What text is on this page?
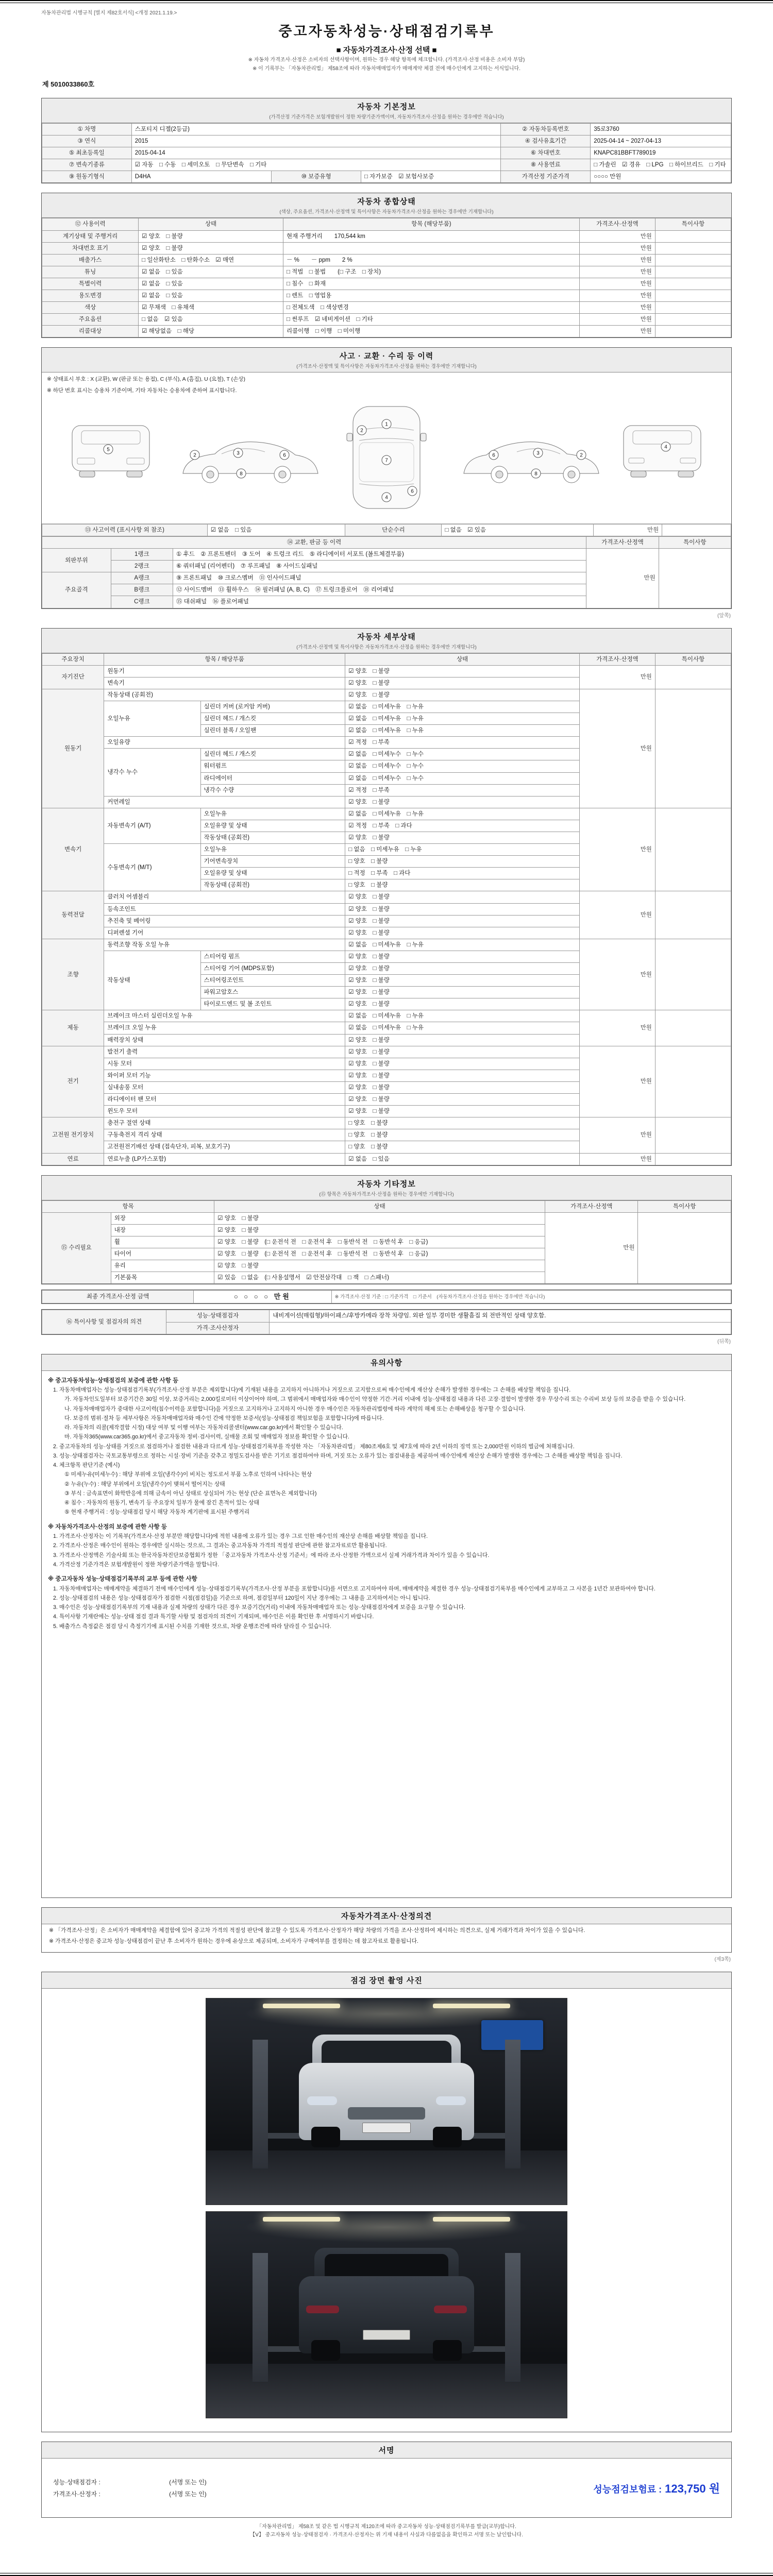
자동차관리법 시행규칙 [별지 제82호서식] <개정 2021.1.19.>
중고자동차성능·상태점검기록부
■ 자동차가격조사·산정 선택 ■
※ 자동차 가격조사·산정은 소비자의 선택사항이며, 원하는 경우 해당 항목에 체크합니다. (가격조사·산정 비용은 소비자 부담)
※ 이 기록부는 「자동차관리법」 제58조에 따라 자동차매매업자가 매매계약 체결 전에 매수인에게 고지하는 서식입니다.
제 5010033860호
자동차 기본정보
(가격산정 기준가격은 보험개발원이 정한 차량기준가액이며, 자동차가격조사·산정을 원하는 경우에만 적습니다)
① 차명	스포티지 디젤(2등급)			② 자동차등록번호	35로3760
③ 연식	2015			④ 검사유효기간	2025-04-14 ~ 2027-04-13
⑤ 최초등록일	2015-04-14			⑥ 차대번호	KNAPC81BBFT789019
⑦ 변속기종류	☑ 자동　□ 수동　□ 세미오토　□ 무단변속　□ 기타			⑧ 사용연료	□ 가솔린　☑ 경유　□ LPG　□ 하이브리드　□ 기타
⑨ 원동기형식	D4HA	⑩ 보증유형	□ 자가보증　☑ 보험사보증	가격산정 기준가격	○○○○ 만원
자동차 종합상태
(색상, 주요옵션, 가격조사·산정액 및 특이사항은 자동차가격조사·산정을 원하는 경우에만 기재합니다)
⑫ 사용이력	상태	항목 (해당부품)	가격조사·산정액	특이사항
계기상태 및 주행거리	☑ 양호　□ 불량	현재 주행거리　　170,544 km	만원	
차대번호 표기	☑ 양호　□ 불량		만원	
배출가스	□ 일산화탄소　□ 탄화수소　☑ 매연	－ %　　－ ppm　　2 %	만원	
튜닝	☑ 없음　□ 있음	□ 적법　□ 불법　　(□ 구조　□ 장치)	만원	
특별이력	☑ 없음　□ 있음	□ 침수　□ 화재	만원	
용도변경	☑ 없음　□ 있음	□ 렌트　□ 영업용	만원	
색상	☑ 무채색　□ 유채색	□ 전체도색　□ 색상변경	만원	
주요옵션	□ 없음　☑ 있음	□ 썬루프　☑ 네비게이션　□ 기타	만원	
리콜대상	☑ 해당없음　□ 해당	리콜이행　□ 이행　□ 미이행	만원	
사고 · 교환 · 수리 등 이력
(가격조사·산정액 및 특이사항은 자동차가격조사·산정을 원하는 경우에만 기재합니다)
※ 상태표시 부호 : X (교환), W (판금 또는 용접), C (부식), A (흠집), U (요철), T (손상)
※ 하단 번호 표시는 승용차 기준이며, 기타 자동차는 승용차에 준하여 표시합니다.
5
2	3	6
8
1
2
7
4
6
6	3	2
8
4
⑬ 사고이력 (표시사항 외 참조)	☑ 없음　□ 있음	단순수리	□ 없음　☑ 있음	만원	
⑭ 교환, 판금 등 이력			가격조사·산정액	특이사항
외판부위	1랭크	① 후드　② 프론트펜더　③ 도어　④ 트렁크 리드　⑤ 라디에이터 서포트 (볼트체결부품)	만원	
	2랭크	⑥ 쿼터패널 (리어펜더)　⑦ 루프패널　⑧ 사이드실패널		
주요골격	A랭크	⑨ 프론트패널　⑩ 크로스멤버　⑪ 인사이드패널		
	B랭크	⑫ 사이드멤버　⑬ 휠하우스　⑭ 필러패널 (A, B, C)　⑰ 트렁크플로어　⑱ 리어패널		
	C랭크	⑮ 대쉬패널　⑯ 플로어패널		
(앞쪽)
자동차 세부상태
(가격조사·산정액 및 특이사항은 자동차가격조사·산정을 원하는 경우에만 기재합니다)
주요장치	항목 / 해당부품		상태	가격조사·산정액	특이사항
자기진단	원동기		☑ 양호　□ 불량	만원	
	변속기		☑ 양호　□ 불량		
원동기	작동상태 (공회전)		☑ 양호　□ 불량	만원	
	오일누유	실린더 커버 (로커암 커버)	☑ 없음　□ 미세누유　□ 누유		
		실린더 헤드 / 개스킷	☑ 없음　□ 미세누유　□ 누유		
		실린더 블록 / 오일팬	☑ 없음　□ 미세누유　□ 누유		
	오일유량		☑ 적정　□ 부족		
	냉각수 누수	실린더 헤드 / 개스킷	☑ 없음　□ 미세누수　□ 누수		
		워터펌프	☑ 없음　□ 미세누수　□ 누수		
		라디에이터	☑ 없음　□ 미세누수　□ 누수		
		냉각수 수량	☑ 적정　□ 부족		
	커먼레일		☑ 양호　□ 불량		
변속기	자동변속기 (A/T)	오일누유	☑ 없음　□ 미세누유　□ 누유	만원	
		오일유량 및 상태	☑ 적정　□ 부족　□ 과다		
		작동상태 (공회전)	☑ 양호　□ 불량		
	수동변속기 (M/T)	오일누유	□ 없음　□ 미세누유　□ 누유		
		기어변속장치	□ 양호　□ 불량		
		오일유량 및 상태	□ 적정　□ 부족　□ 과다		
		작동상태 (공회전)	□ 양호　□ 불량		
동력전달	클러치 어셈블리		☑ 양호　□ 불량	만원	
	등속조인트		☑ 양호　□ 불량		
	추진축 및 베어링		☑ 양호　□ 불량		
	디퍼렌셜 기어		☑ 양호　□ 불량		
조향	동력조향 작동 오일 누유		☑ 없음　□ 미세누유　□ 누유	만원	
	작동상태	스티어링 펌프	☑ 양호　□ 불량		
		스티어링 기어 (MDPS포함)	☑ 양호　□ 불량		
		스티어링조인트	☑ 양호　□ 불량		
		파워고압호스	☑ 양호　□ 불량		
		타이로드엔드 및 볼 조인트	☑ 양호　□ 불량		
제동	브레이크 마스터 실린더오일 누유		☑ 없음　□ 미세누유　□ 누유	만원	
	브레이크 오일 누유		☑ 없음　□ 미세누유　□ 누유		
	배력장치 상태		☑ 양호　□ 불량		
전기	발전기 출력		☑ 양호　□ 불량	만원	
	시동 모터		☑ 양호　□ 불량		
	와이퍼 모터 기능		☑ 양호　□ 불량		
	실내송풍 모터		☑ 양호　□ 불량		
	라디에이터 팬 모터		☑ 양호　□ 불량		
	윈도우 모터		☑ 양호　□ 불량		
고전원 전기장치	충전구 절연 상태		□ 양호　□ 불량	만원	
	구동축전지 격리 상태		□ 양호　□ 불량		
	고전원전기배선 상태 (접속단자, 피복, 보호기구)		□ 양호　□ 불량		
연료	연료누출 (LP가스포함)		☑ 없음　□ 있음	만원	
자동차 기타정보
(⑮ 항목은 자동차가격조사·산정을 원하는 경우에만 기재합니다)
항목		상태	가격조사·산정액	특이사항
⑮ 수리필요	외장	☑ 양호　□ 불량	만원	
	내장	☑ 양호　□ 불량		
	휠	☑ 양호　□ 불량　(□ 운전석 전　□ 운전석 후　□ 동반석 전　□ 동반석 후　□ 응급)		
	타이어	☑ 양호　□ 불량　(□ 운전석 전　□ 운전석 후　□ 동반석 전　□ 동반석 후　□ 응급)		
	유리	☑ 양호　□ 불량		
	기본품목	☑ 있음　□ 없음　(□ 사용설명서　☑ 안전삼각대　□ 잭　□ 스패너)		
최종 가격조사·산정 금액	○ ○ ○ ○ 만원	※ 가격조사·산정 기준 : □ 기준가격　□ 기준서　(자동차가격조사·산정을 원하는 경우에만 적습니다)
⑯ 특이사항 및 점검자의 의견	성능·상태점검자	내비게이션(매립형)/하이패스/후방카메라 장착 차량임. 외판 일부 경미한 생활흠집 외 전반적인 상태 양호함.
	가격·조사산정자	
(뒤쪽)
유의사항
※ 중고자동차성능·상태점검의 보증에 관한 사항 등
1. 자동차매매업자는 성능·상태점검기록부(가격조사·산정 부분은 제외합니다)에 기재된 내용을 고지하지 아니하거나 거짓으로 고지함으로써 매수인에게 재산상 손해가 발생한 경우에는 그 손해를 배상할 책임을 집니다.
가. 자동차인도일부터 보증기간은 30일 이상, 보증거리는 2,000킬로미터 이상이어야 하며, 그 범위에서 매매업자와 매수인이 약정한 기간·거리 이내에 성능·상태점검 내용과 다른 고장·결함이 발생한 경우 무상수리 또는 수리비 보상 등의 보증을 받을 수 있습니다.
나. 자동차매매업자가 중대한 사고이력(침수이력을 포함합니다)을 거짓으로 고지하거나 고지하지 아니한 경우 매수인은 자동차관리법령에 따라 계약의 해제 또는 손해배상을 청구할 수 있습니다.
다. 보증의 범위·절차 등 세부사항은 자동차매매업자와 매수인 간에 약정한 보증서(성능·상태점검 책임보험을 포함합니다)에 따릅니다.
라. 자동차의 리콜(제작결함 시정) 대상 여부 및 이행 여부는 자동차리콜센터(www.car.go.kr)에서 확인할 수 있습니다.
마. 자동차365(www.car365.go.kr)에서 중고자동차 정비·검사이력, 실매물 조회 및 매매업자 정보를 확인할 수 있습니다.
2. 중고자동차의 성능·상태를 거짓으로 점검하거나 점검한 내용과 다르게 성능·상태점검기록부를 작성한 자는 「자동차관리법」 제80조제6호 및 제7호에 따라 2년 이하의 징역 또는 2,000만원 이하의 벌금에 처해집니다.
3. 성능·상태점검자는 국토교통부령으로 정하는 시설·장비 기준을 갖추고 정밀도검사를 받은 기기로 점검하여야 하며, 거짓 또는 오류가 있는 점검내용을 제공하여 매수인에게 재산상 손해가 발생한 경우에는 그 손해를 배상할 책임을 집니다.
4. 체크항목 판단기준 (예시)
① 미세누유(미세누수) : 해당 부위에 오일(냉각수)이 비치는 정도로서 부품 노후로 인하여 나타나는 현상
② 누유(누수) : 해당 부위에서 오일(냉각수)이 맺혀서 떨어지는 상태
③ 부식 : 금속표면이 화학반응에 의해 금속이 아닌 상태로 상실되어 가는 현상 (단순 표면녹은 제외합니다)
④ 침수 : 자동차의 원동기, 변속기 등 주요장치 일부가 물에 잠긴 흔적이 있는 상태
⑤ 현재 주행거리 : 성능·상태점검 당시 해당 자동차 계기판에 표시된 주행거리
※ 자동차가격조사·산정의 보증에 관한 사항 등
1. 가격조사·산정자는 이 기록부(가격조사·산정 부분만 해당합니다)에 적힌 내용에 오류가 있는 경우 그로 인한 매수인의 재산상 손해를 배상할 책임을 집니다.
2. 가격조사·산정은 매수인이 원하는 경우에만 실시하는 것으로, 그 결과는 중고자동차 가격의 적절성 판단에 관한 참고자료로만 활용됩니다.
3. 가격조사·산정액은 기술사회 또는 한국자동차진단보증협회가 정한 「중고자동차 가격조사·산정 기준서」에 따라 조사·산정한 가액으로서 실제 거래가격과 차이가 있을 수 있습니다.
4. 가격산정 기준가격은 보험개발원이 정한 차량기준가액을 말합니다.
※ 중고자동차 성능·상태점검기록부의 교부 등에 관한 사항
1. 자동차매매업자는 매매계약을 체결하기 전에 매수인에게 성능·상태점검기록부(가격조사·산정 부분을 포함합니다)를 서면으로 고지하여야 하며, 매매계약을 체결한 경우 성능·상태점검기록부를 매수인에게 교부하고 그 사본을 1년간 보관하여야 합니다.
2. 성능·상태점검의 내용은 성능·상태점검자가 점검한 시점(점검일)을 기준으로 하며, 점검일부터 120일이 지난 경우에는 그 내용을 고지하여서는 아니 됩니다.
3. 매수인은 성능·상태점검기록부의 기재 내용과 실제 차량의 상태가 다른 경우 보증기간(거리) 이내에 자동차매매업자 또는 성능·상태점검자에게 보증을 요구할 수 있습니다.
4. 특이사항 기재란에는 성능·상태 점검 결과 특기할 사항 및 점검자의 의견이 기재되며, 매수인은 이를 확인한 후 서명하시기 바랍니다.
5. 배출가스 측정값은 점검 당시 측정기기에 표시된 수치를 기재한 것으로, 차량 운행조건에 따라 달라질 수 있습니다.
자동차가격조사·산정의견
※ 「가격조사·산정」은 소비자가 매매계약을 체결함에 있어 중고차 가격의 적절성 판단에 참고할 수 있도록 가격조사·산정자가 해당 차량의 가격을 조사·산정하여 제시하는 의견으로, 실제 거래가격과 차이가 있을 수 있습니다.
※ 가격조사·산정은 중고차 성능·상태점검이 끝난 후 소비자가 원하는 경우에 유상으로 제공되며, 소비자가 구매여부를 결정하는 데 참고자료로 활용됩니다.
(제3쪽)
점검 장면 촬영 사진
서명
성능·상태점검자 :                                        (서명 또는 인)
가격조사·산정자 :                                        (서명 또는 인)	성능점검보험료 : 123,750 원
「자동차관리법」 제58조 및 같은 법 시행규칙 제120조에 따라 중고자동차 성능·상태점검기록부를 발급(교부)합니다.
【Ⅴ】 중고자동차 성능·상태점검자 · 가격조사·산정자는 위 기재 내용이 사실과 다름없음을 확인하고 서명 또는 날인합니다.
